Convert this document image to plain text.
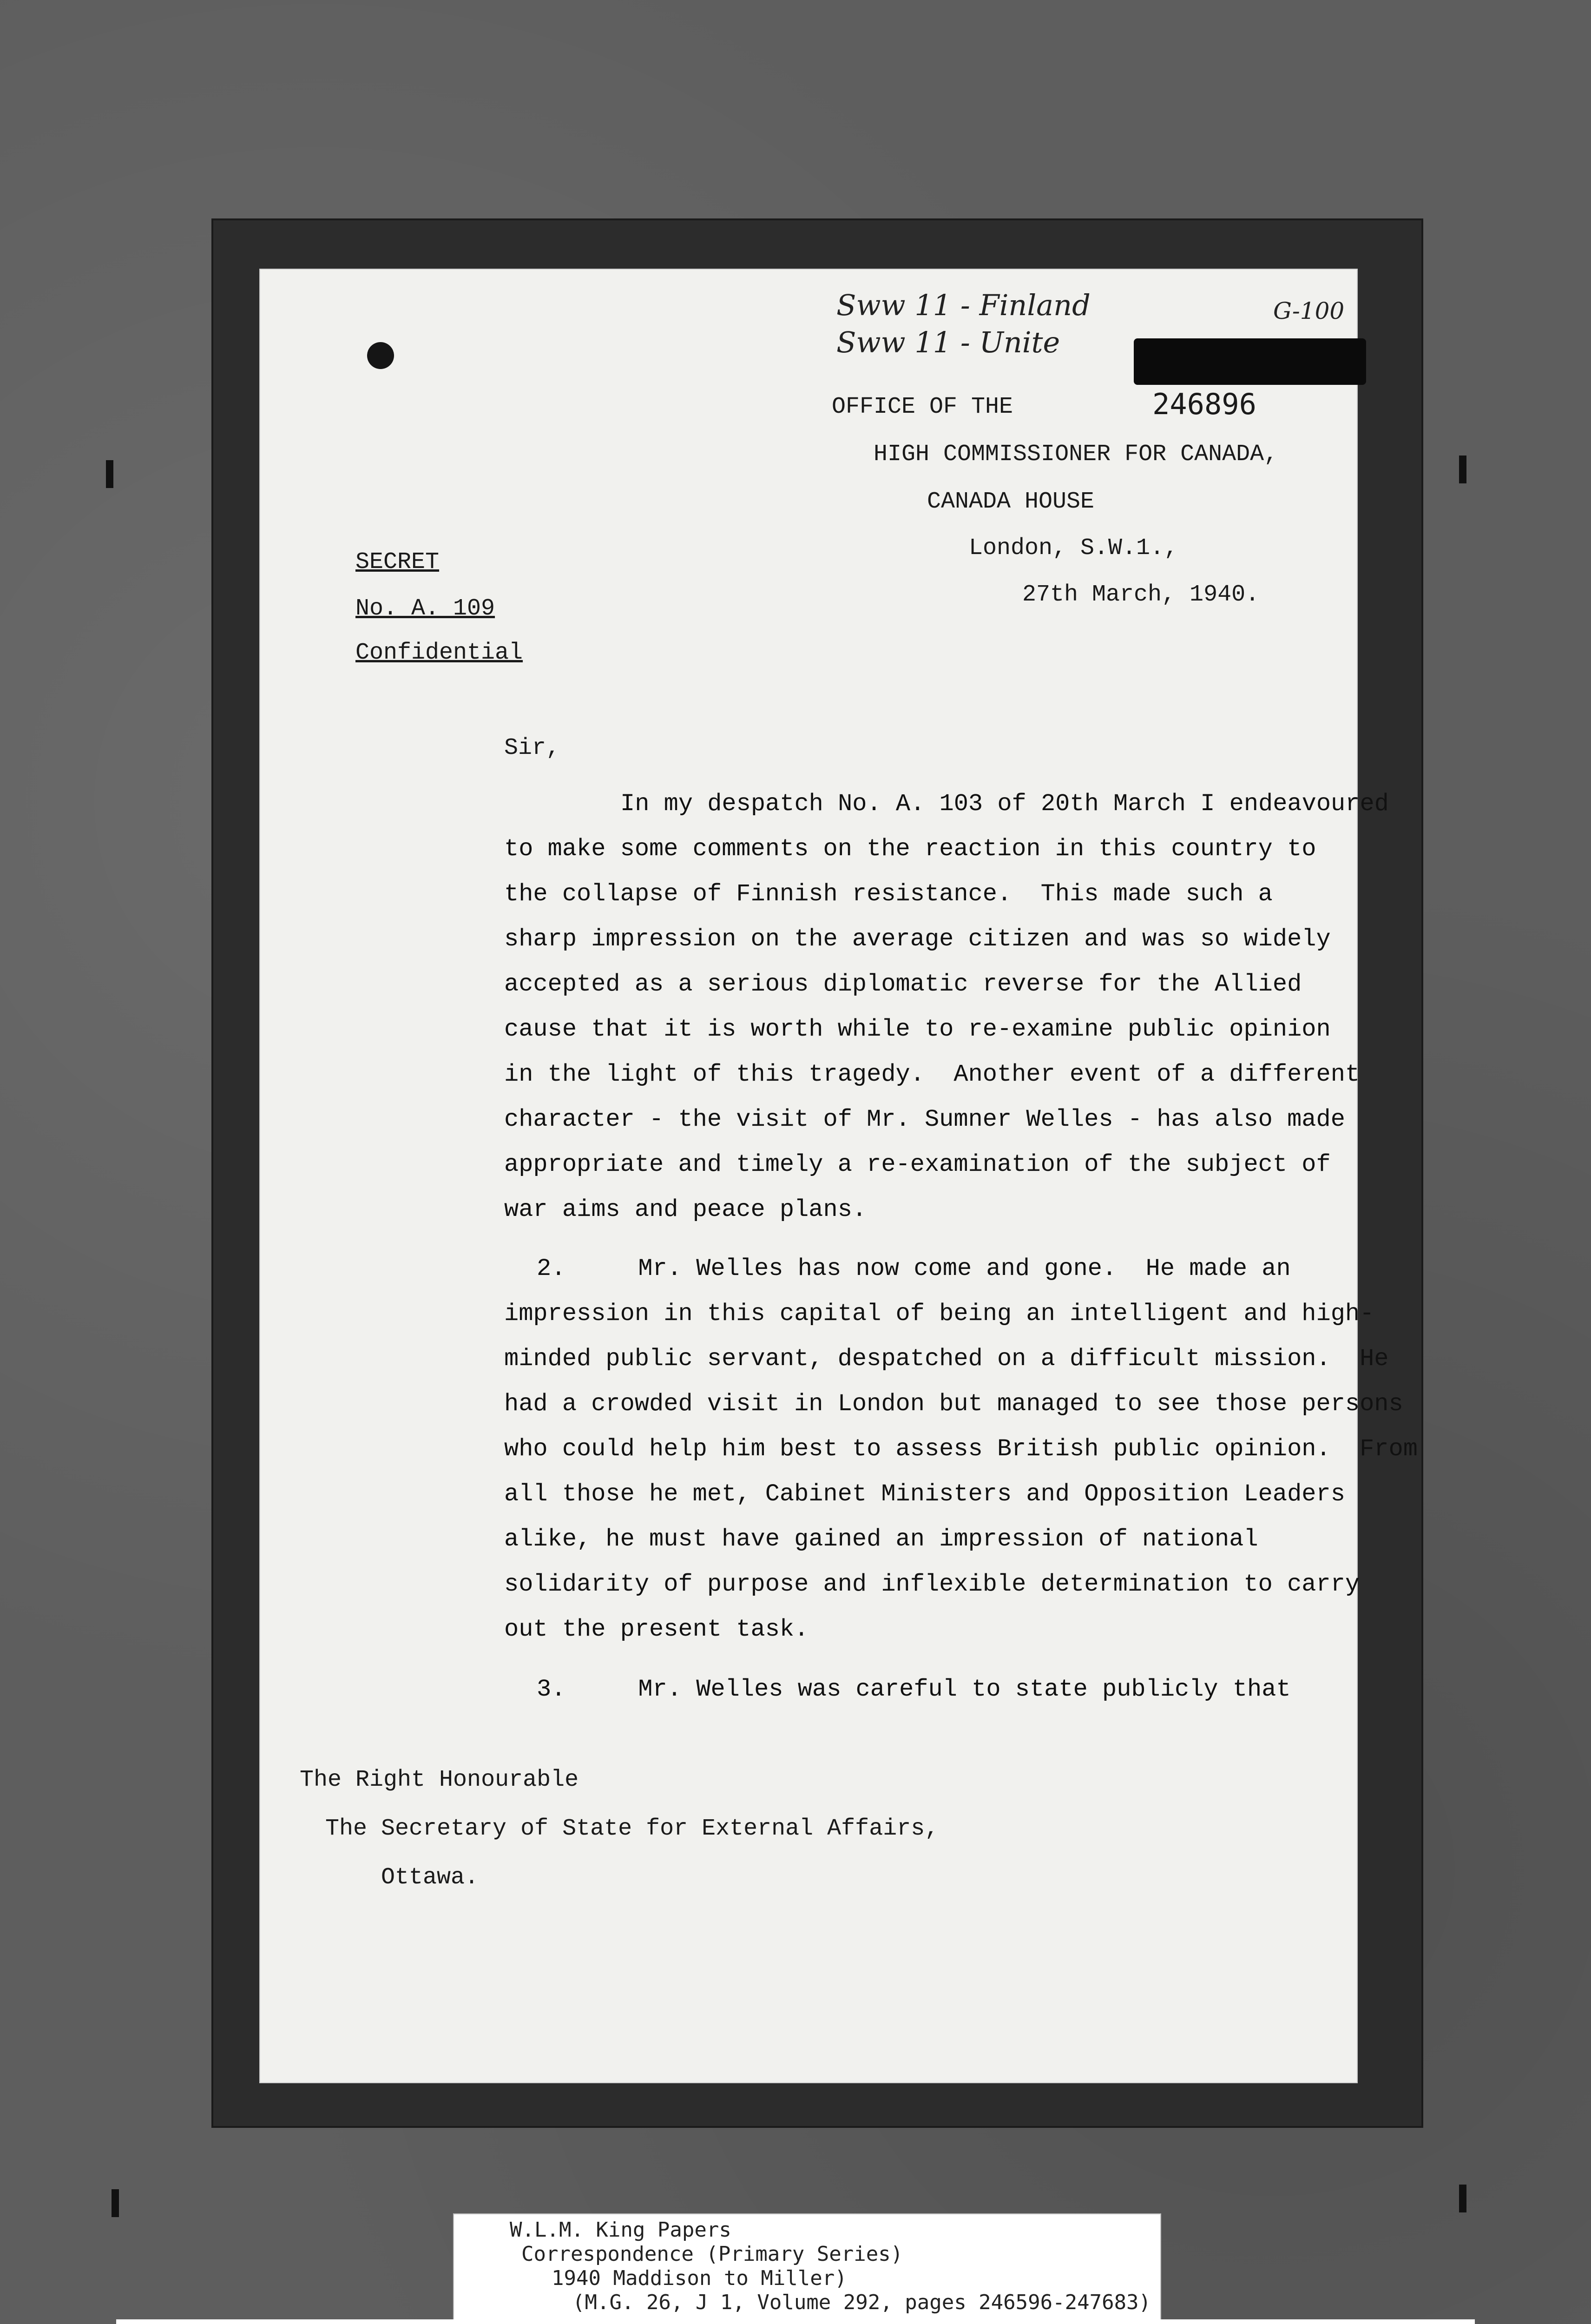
Sww 11 - Finland
Sww 11 - Unite
G-100
OFFICE OF THE	246896
HIGH COMMISSIONER FOR CANADA,
CANADA HOUSE
London, S.W.1.,
27th March, 1940.
SECRET
No. A. 109
Confidential
Sir,
In my despatch No. A. 103 of 20th March I endeavoured
to make some comments on the reaction in this country to
the collapse of Finnish resistance.  This made such a
sharp impression on the average citizen and was so widely
accepted as a serious diplomatic reverse for the Allied
cause that it is worth while to re-examine public opinion
in the light of this tragedy.  Another event of a different
character - the visit of Mr. Sumner Welles - has also made
appropriate and timely a re-examination of the subject of
war aims and peace plans.
2.     Mr. Welles has now come and gone.  He made an
impression in this capital of being an intelligent and high-
minded public servant, despatched on a difficult mission.  He
had a crowded visit in London but managed to see those persons
who could help him best to assess British public opinion.  From
all those he met, Cabinet Ministers and Opposition Leaders
alike, he must have gained an impression of national
solidarity of purpose and inflexible determination to carry
out the present task.
3.     Mr. Welles was careful to state publicly that
The Right Honourable
The Secretary of State for External Affairs,
Ottawa.
W.L.M. King Papers
Correspondence (Primary Series)
1940 Maddison to Miller)
(M.G. 26, J 1, Volume 292, pages 246596-247683)
